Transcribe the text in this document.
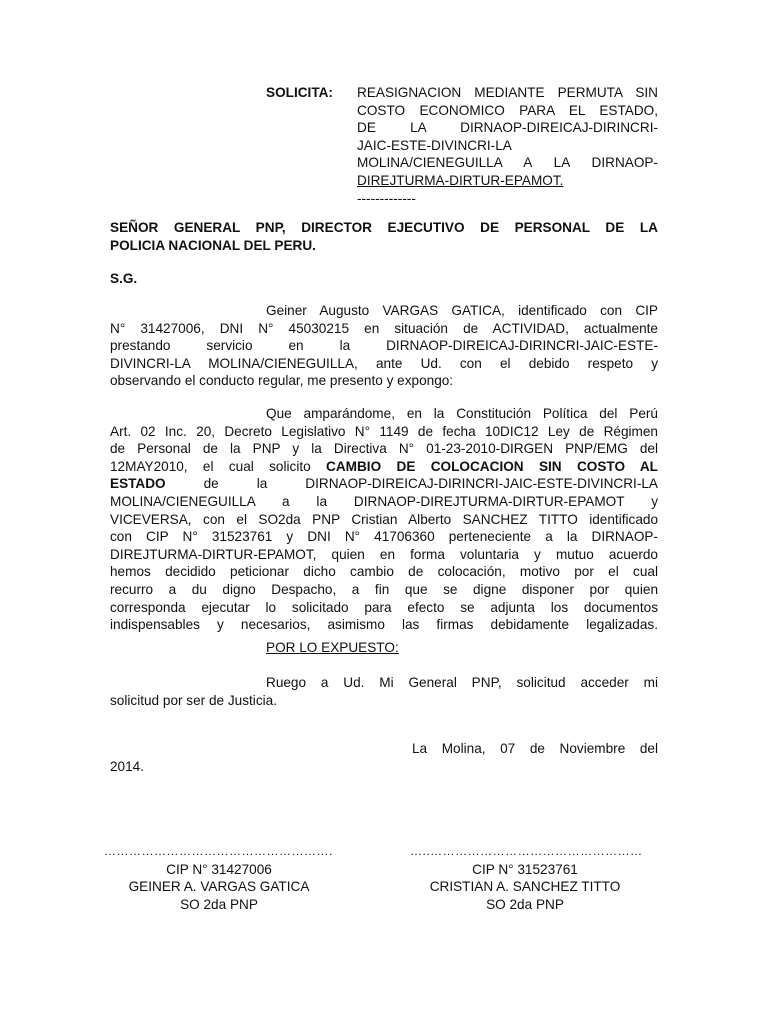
SOLICITA: REASIGNACION MEDIANTE PERMUTA SIN
COSTO ECONOMICO PARA EL ESTADO,
DE LA DIRNAOP-DIREICAJ-DIRINCRI-
JAIC-ESTE-DIVINCRI-LA
MOLINA/CIENEGUILLA A LA DIRNAOP-
DIREJTURMA-DIRTUR-EPAMOT.
-------------
SEÑOR GENERAL PNP, DIRECTOR EJECUTIVO DE PERSONAL DE LA
POLICIA NACIONAL DEL PERU.
S.G.
Geiner Augusto VARGAS GATICA, identificado con CIP
N° 31427006, DNI N° 45030215 en situación de ACTIVIDAD, actualmente
prestando servicio en la DIRNAOP-DIREICAJ-DIRINCRI-JAIC-ESTE-
DIVINCRI-LA MOLINA/CIENEGUILLA, ante Ud. con el debido respeto y
observando el conducto regular, me presento y expongo:
Que amparándome, en la Constitución Política del Perú
Art. 02 Inc. 20, Decreto Legislativo N° 1149 de fecha 10DIC12 Ley de Régimen
de Personal de la PNP y la Directiva N° 01-23-2010-DIRGEN PNP/EMG del
12MAY2010, el cual solicito CAMBIO DE COLOCACION SIN COSTO AL
ESTADO	de la DIRNAOP-DIREICAJ-DIRINCRI-JAIC-ESTE-DIVINCRI-LA
MOLINA/CIENEGUILLA a la DIRNAOP-DIREJTURMA-DIRTUR-EPAMOT y
VICEVERSA, con el SO2da PNP Cristian Alberto SANCHEZ TITTO identificado
con CIP N° 31523761 y DNI N° 41706360 perteneciente a la DIRNAOP-
DIREJTURMA-DIRTUR-EPAMOT, quien en forma voluntaria y mutuo acuerdo
hemos decidido peticionar dicho cambio de colocación, motivo por el cual
recurro a du digno Despacho, a fin que se digne disponer por quien
corresponda ejecutar lo solicitado para efecto se adjunta los documentos
indispensables y necesarios, asimismo las firmas debidamente legalizadas.
POR LO EXPUESTO:
Ruego a Ud. Mi General PNP, solicitud acceder mi
solicitud por ser de Justicia.
La Molina, 07 de Noviembre del
2014.
……………………………………………….
CIP N° 31427006
GEINER A. VARGAS GATICA
SO 2da PNP
…..……………………………………………
CIP N° 31523761
CRISTIAN A. SANCHEZ TITTO
SO 2da PNP
